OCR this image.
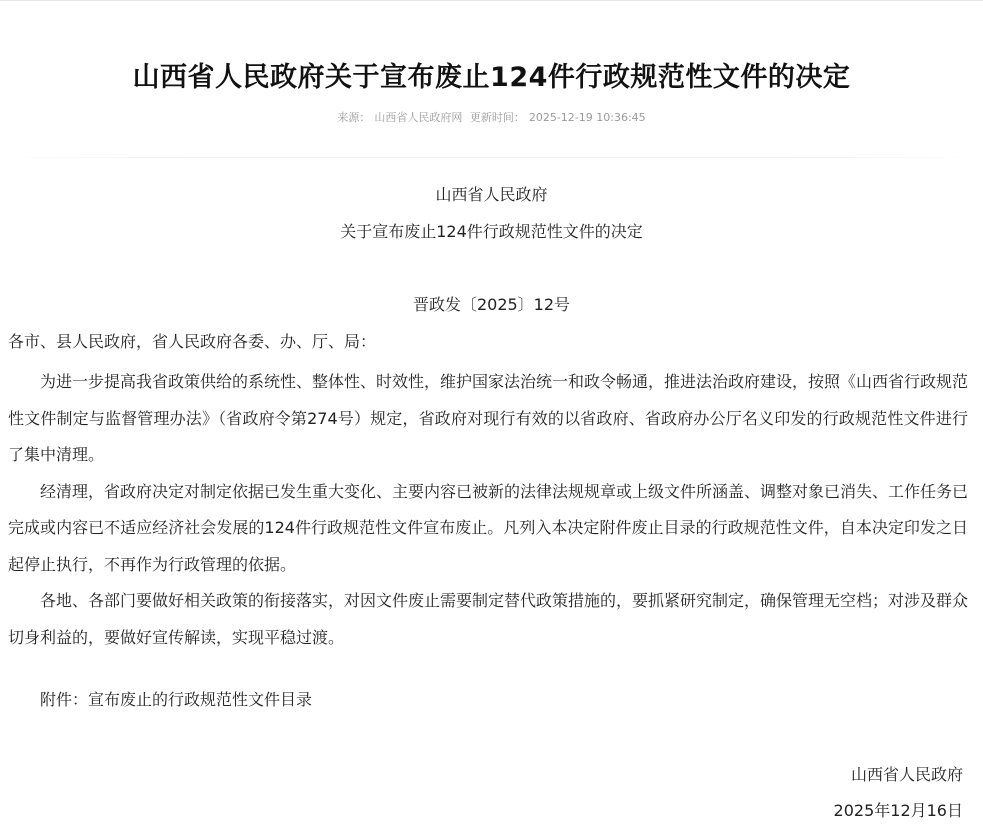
山西省人民政府关于宣布废止124件行政规范性文件的决定
来源： 山西省人民政府网 更新时间： 2025-12-19 10:36:45
山西省人民政府
关于宣布废止124件行政规范性文件的决定
晋政发〔2025〕12号
各市、县人民政府，省人民政府各委、办、厅、局：

为进一步提高我省政策供给的系统性、整体性、时效性，维护国家法治统一和政令畅通，推进法治政府建设，按照《山西省行政规范性文件制定与监督管理办法》（省政府令第274号）规定，省政府对现行有效的以省政府、省政府办公厅名义印发的行政规范性文件进行了集中清理。

经清理，省政府决定对制定依据已发生重大变化、主要内容已被新的法律法规规章或上级文件所涵盖、调整对象已消失、工作任务已完成或内容已不适应经济社会发展的124件行政规范性文件宣布废止。凡列入本决定附件废止目录的行政规范性文件，自本决定印发之日起停止执行，不再作为行政管理的依据。

各地、各部门要做好相关政策的衔接落实，对因文件废止需要制定替代政策措施的，要抓紧研究制定，确保管理无空档；对涉及群众切身利益的，要做好宣传解读，实现平稳过渡。

附件：宣布废止的行政规范性文件目录
山西省人民政府
2025年12月16日
